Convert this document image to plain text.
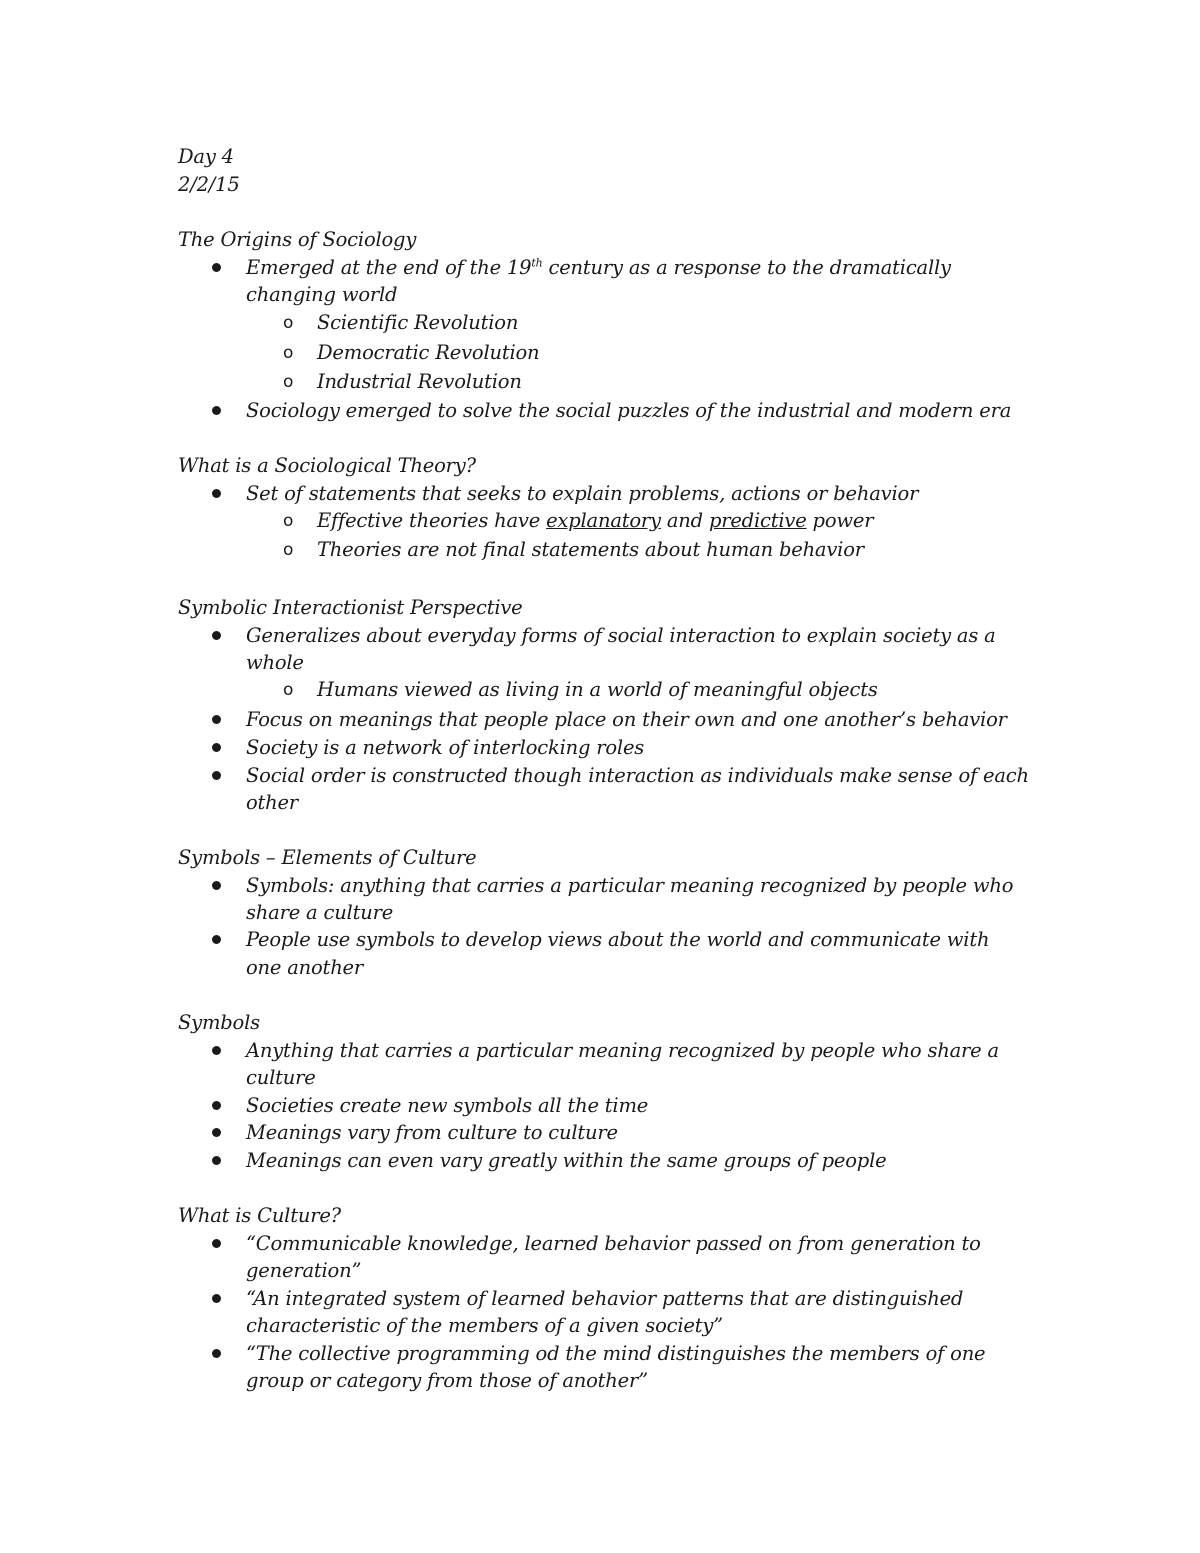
Day 4
2/2/15
The Origins of Sociology
Emerged at the end of the 19th century as a response to the dramatically
changing world
o Scientific Revolution
o Democratic Revolution
o Industrial Revolution
Sociology emerged to solve the social puzzles of the industrial and modern era
What is a Sociological Theory?
Set of statements that seeks to explain problems, actions or behavior
o Effective theories have explanatory and predictive power
o Theories are not final statements about human behavior
Symbolic Interactionist Perspective
Generalizes about everyday forms of social interaction to explain society as a
whole
o Humans viewed as living in a world of meaningful objects
Focus on meanings that people place on their own and one another’s behavior
Society is a network of interlocking roles
Social order is constructed though interaction as individuals make sense of each
other
Symbols – Elements of Culture
Symbols: anything that carries a particular meaning recognized by people who
share a culture
People use symbols to develop views about the world and communicate with
one another
Symbols
Anything that carries a particular meaning recognized by people who share a
culture
Societies create new symbols all the time
Meanings vary from culture to culture
Meanings can even vary greatly within the same groups of people
What is Culture?
“Communicable knowledge, learned behavior passed on from generation to
generation”
“An integrated system of learned behavior patterns that are distinguished
characteristic of the members of a given society”
“The collective programming od the mind distinguishes the members of one
group or category from those of another”
